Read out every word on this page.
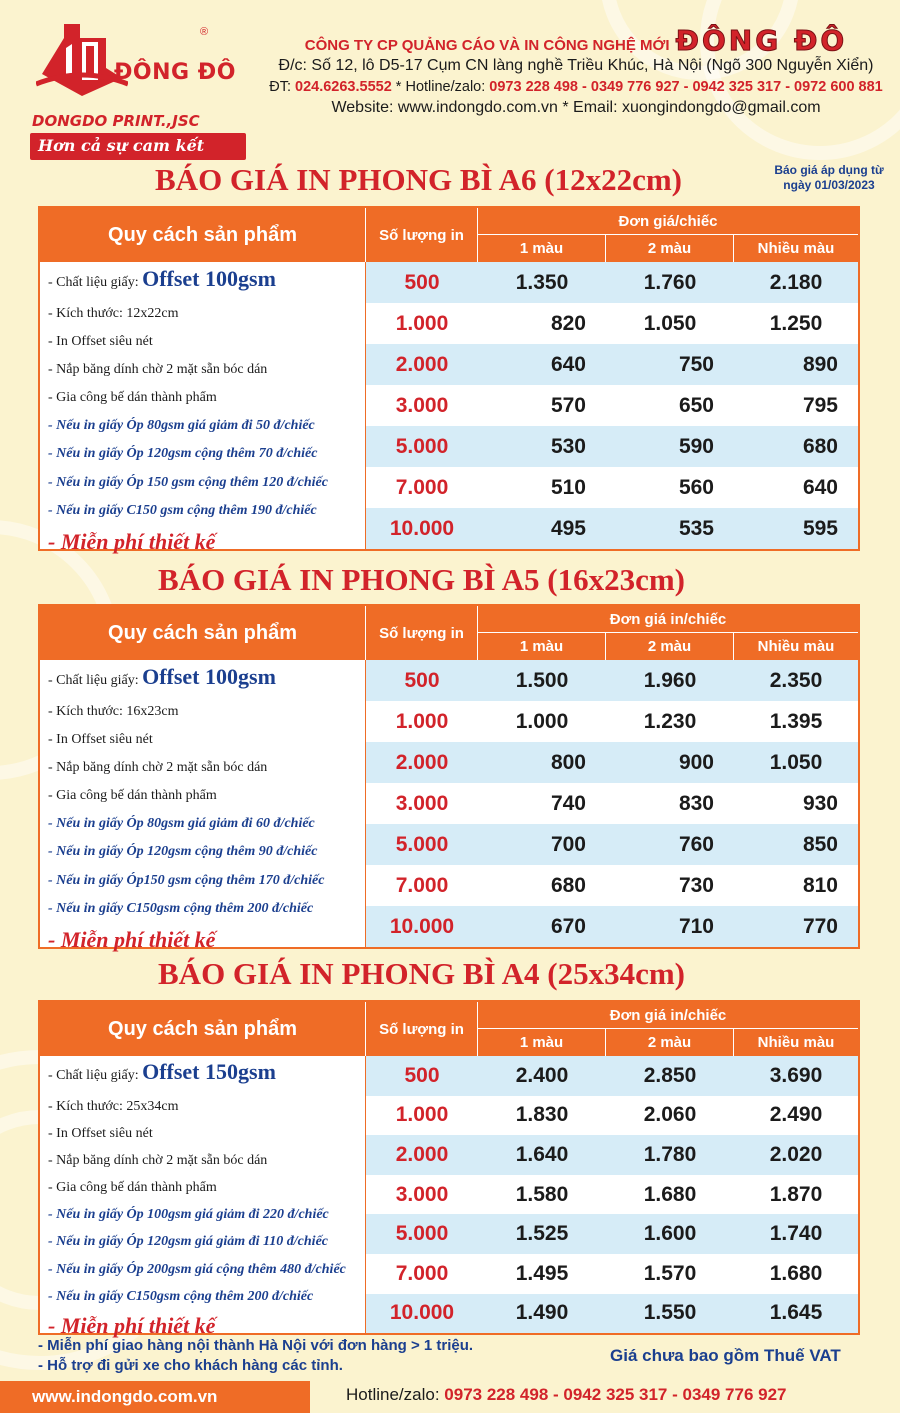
ĐÔNG ĐÔ
®
DONGDO PRINT.,JSC
Hơn cả sự cam kết
CÔNG TY CP QUẢNG CÁO VÀ IN CÔNG NGHỆ MỚI ĐÔNG ĐÔ
Đ/c: Số 12, lô D5-17 Cụm CN làng nghề Triều Khúc, Hà Nội (Ngõ 300 Nguyễn Xiển)
ĐT: 024.6263.5552 * Hotline/zalo: 0973 228 498 - 0349 776 927 - 0942 325 317 - 0972 600 881
Website: www.indongdo.com.vn * Email: xuongindongdo@gmail.com
Báo giá áp dụng từ ngày 01/03/2023
BÁO GIÁ IN PHONG BÌ A6 (12x22cm)
Quy cách sản phẩm	Số lượng in
Đơn giá/chiếc
1 màu	2 màu	Nhiều màu
- Chất liệu giấy: Offset 100gsm
- Kích thước: 12x22cm
- In Offset siêu nét
- Nắp băng dính chờ 2 mặt sẵn bóc dán
- Gia công bế dán thành phẩm
- Nếu in giấy Óp 80gsm giá giảm đi 50 đ/chiếc
- Nếu in giấy Óp 120gsm cộng thêm 70 đ/chiếc
- Nếu in giấy Óp 150 gsm cộng thêm 120 đ/chiếc
- Nếu in giấy C150 gsm cộng thêm 190 đ/chiếc
- Miễn phí thiết kế
500	1.350	1.760	2.180
1.000	820	1.050	1.250
2.000	640	750	890
3.000	570	650	795
5.000	530	590	680
7.000	510	560	640
10.000	495	535	595
BÁO GIÁ IN PHONG BÌ A5 (16x23cm)
Quy cách sản phẩm	Số lượng in
Đơn giá in/chiếc
1 màu	2 màu	Nhiều màu
- Chất liệu giấy: Offset 100gsm
- Kích thước: 16x23cm
- In Offset siêu nét
- Nắp băng dính chờ 2 mặt sẵn bóc dán
- Gia công bế dán thành phẩm
- Nếu in giấy Óp 80gsm giá giảm đi 60 đ/chiếc
- Nếu in giấy Óp 120gsm cộng thêm 90 đ/chiếc
- Nếu in giấy Óp150 gsm cộng thêm 170 đ/chiếc
- Nếu in giấy C150gsm cộng thêm 200 đ/chiếc
- Miễn phí thiết kế
500	1.500	1.960	2.350
1.000	1.000	1.230	1.395
2.000	800	900	1.050
3.000	740	830	930
5.000	700	760	850
7.000	680	730	810
10.000	670	710	770
BÁO GIÁ IN PHONG BÌ A4 (25x34cm)
Quy cách sản phẩm	Số lượng in
Đơn giá in/chiếc
1 màu	2 màu	Nhiều màu
- Chất liệu giấy: Offset 150gsm
- Kích thước: 25x34cm
- In Offset siêu nét
- Nắp băng dính chờ 2 mặt sẵn bóc dán
- Gia công bế dán thành phẩm
- Nếu in giấy Óp 100gsm giá giảm đi 220 đ/chiếc
- Nếu in giấy Óp 120gsm giá giảm đi 110 đ/chiếc
- Nếu in giấy Óp 200gsm giá cộng thêm 480 đ/chiếc
- Nếu in giấy C150gsm cộng thêm 200 đ/chiếc
- Miễn phí thiết kế
500	2.400	2.850	3.690
1.000	1.830	2.060	2.490
2.000	1.640	1.780	2.020
3.000	1.580	1.680	1.870
5.000	1.525	1.600	1.740
7.000	1.495	1.570	1.680
10.000	1.490	1.550	1.645
- Miễn phí giao hàng nội thành Hà Nội với đơn hàng > 1 triệu.
- Hỗ trợ đi gửi xe cho khách hàng các tỉnh.
Giá chưa bao gồm Thuế VAT
www.indongdo.com.vn	Hotline/zalo: 0973 228 498 - 0942 325 317 - 0349 776 927
